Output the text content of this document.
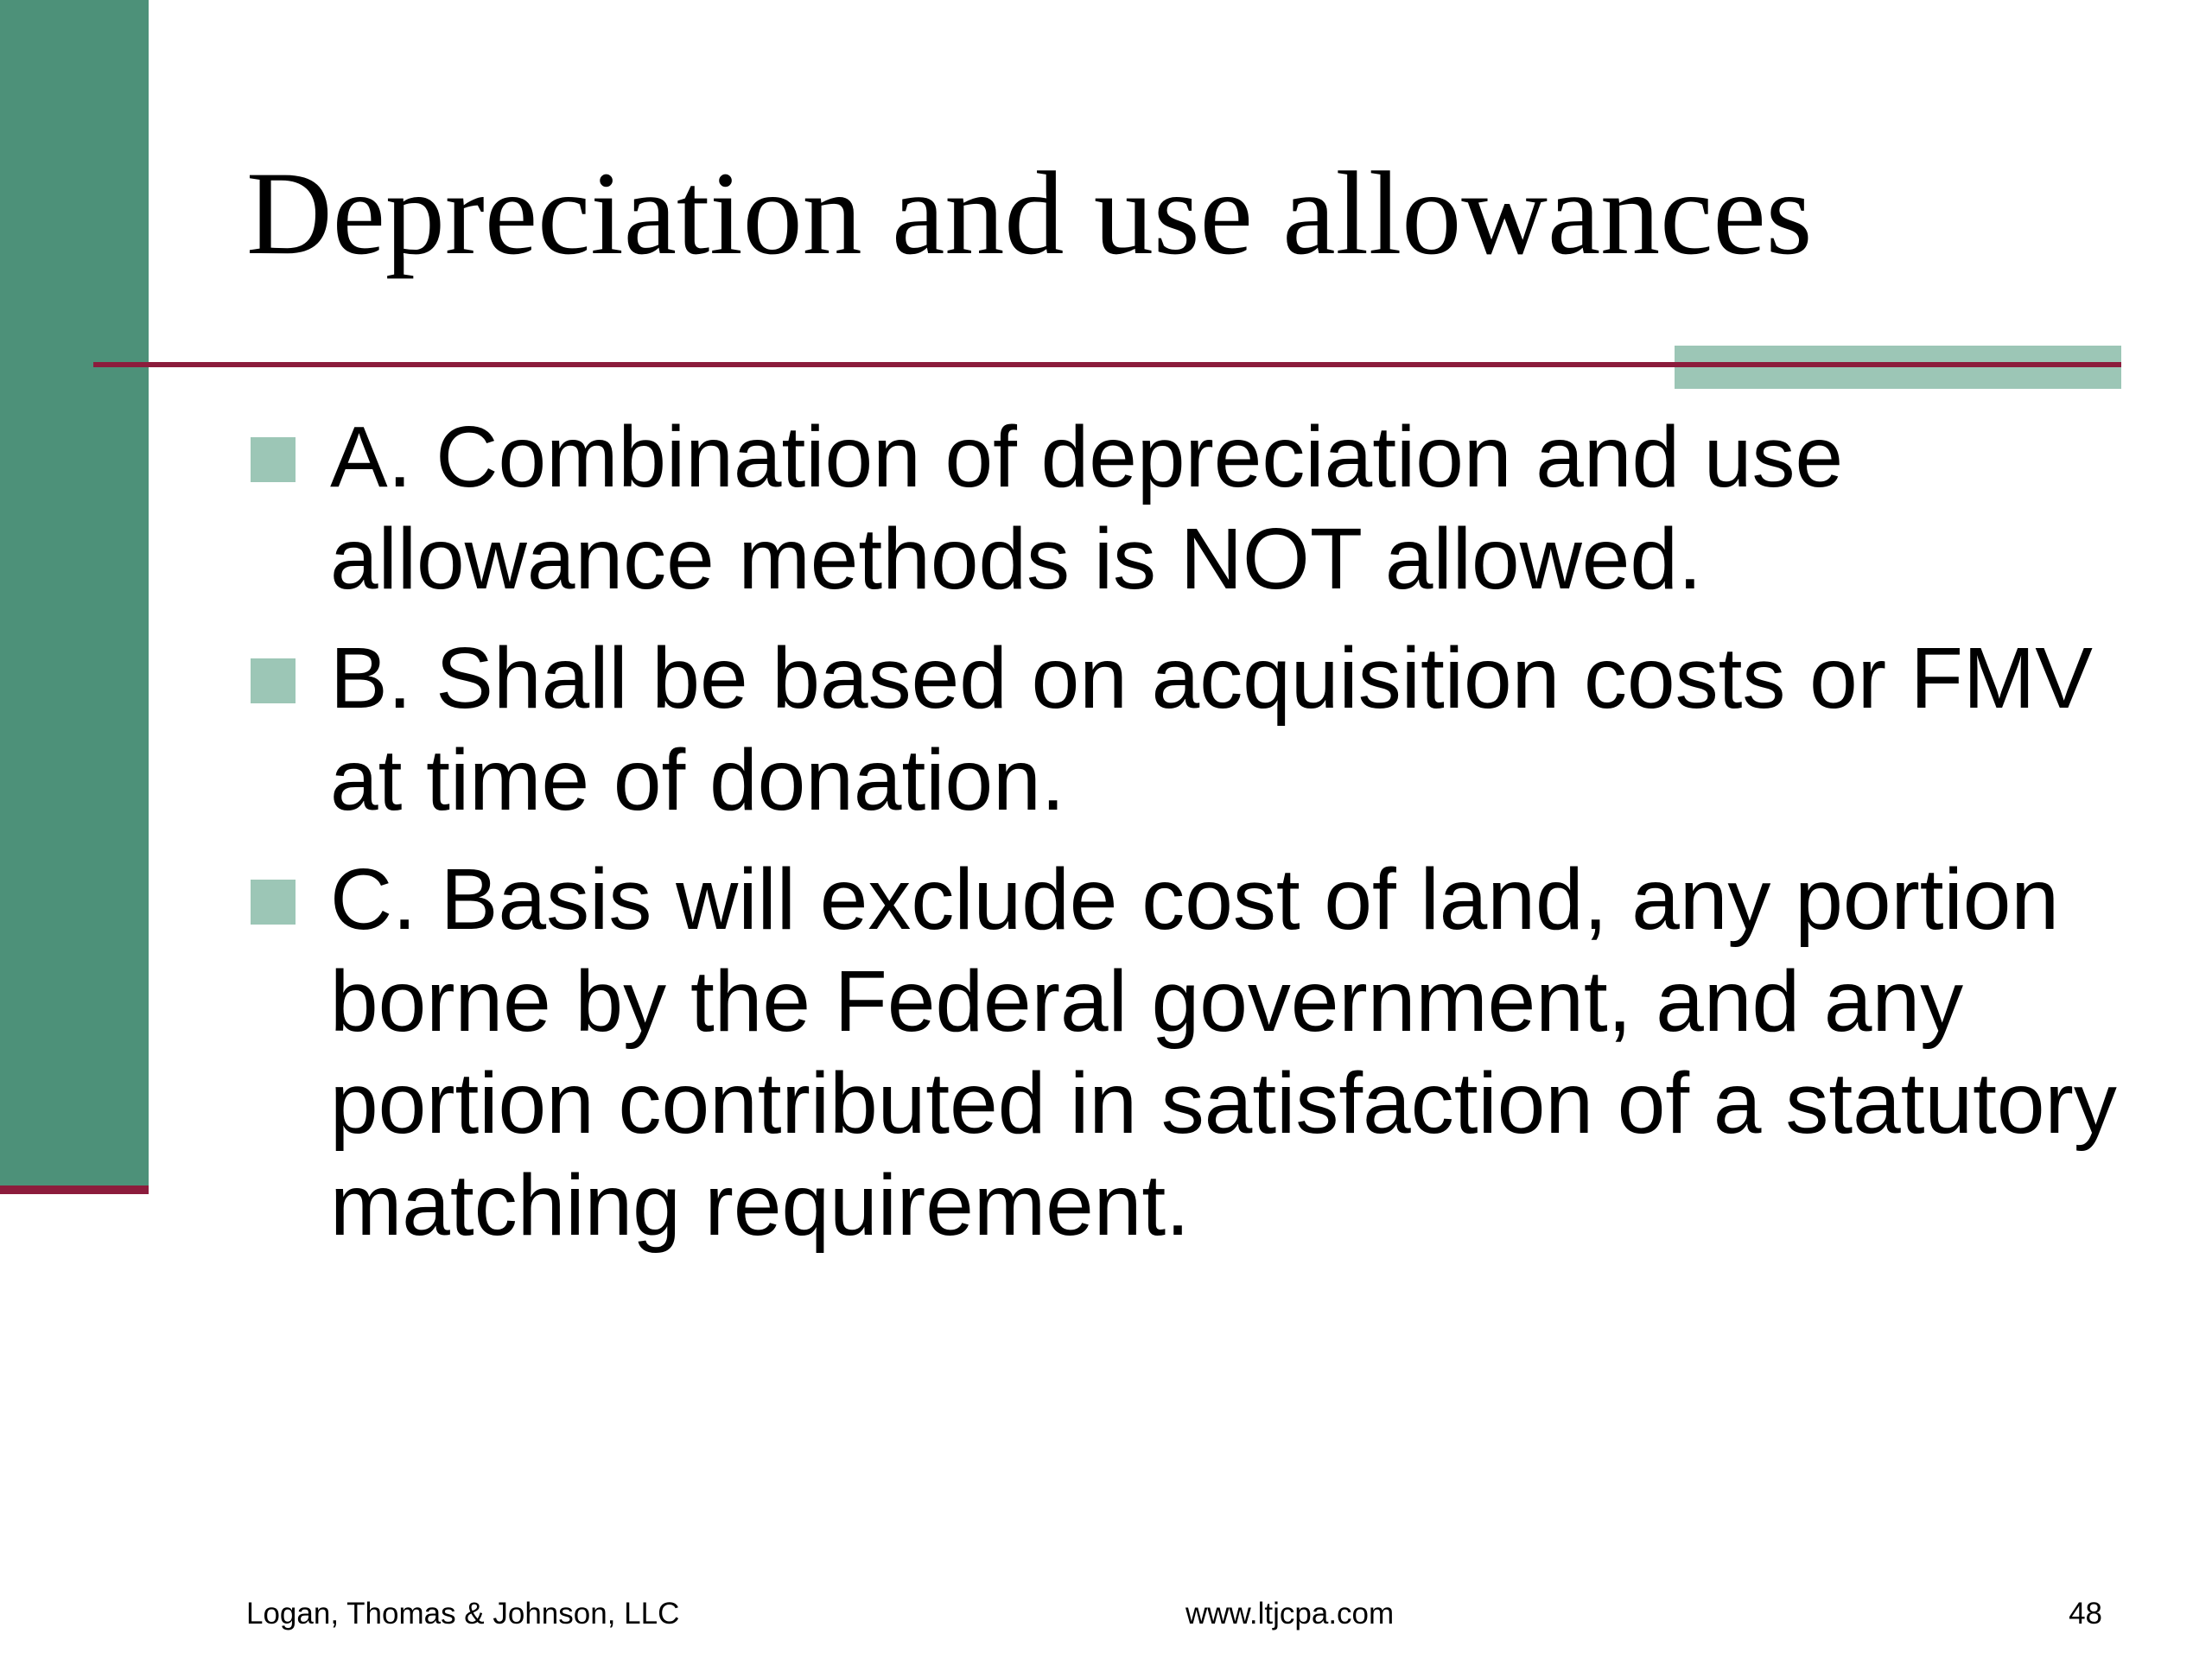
Depreciation and use allowances
A. Combination of depreciation and use allowance methods is NOT allowed.
B. Shall be based on acquisition costs or FMV at time of donation.
C. Basis will exclude cost of land, any portion borne by the Federal government, and any portion contributed in satisfaction of a statutory matching requirement.
Logan, Thomas & Johnson, LLC	www.ltjcpa.com	48
